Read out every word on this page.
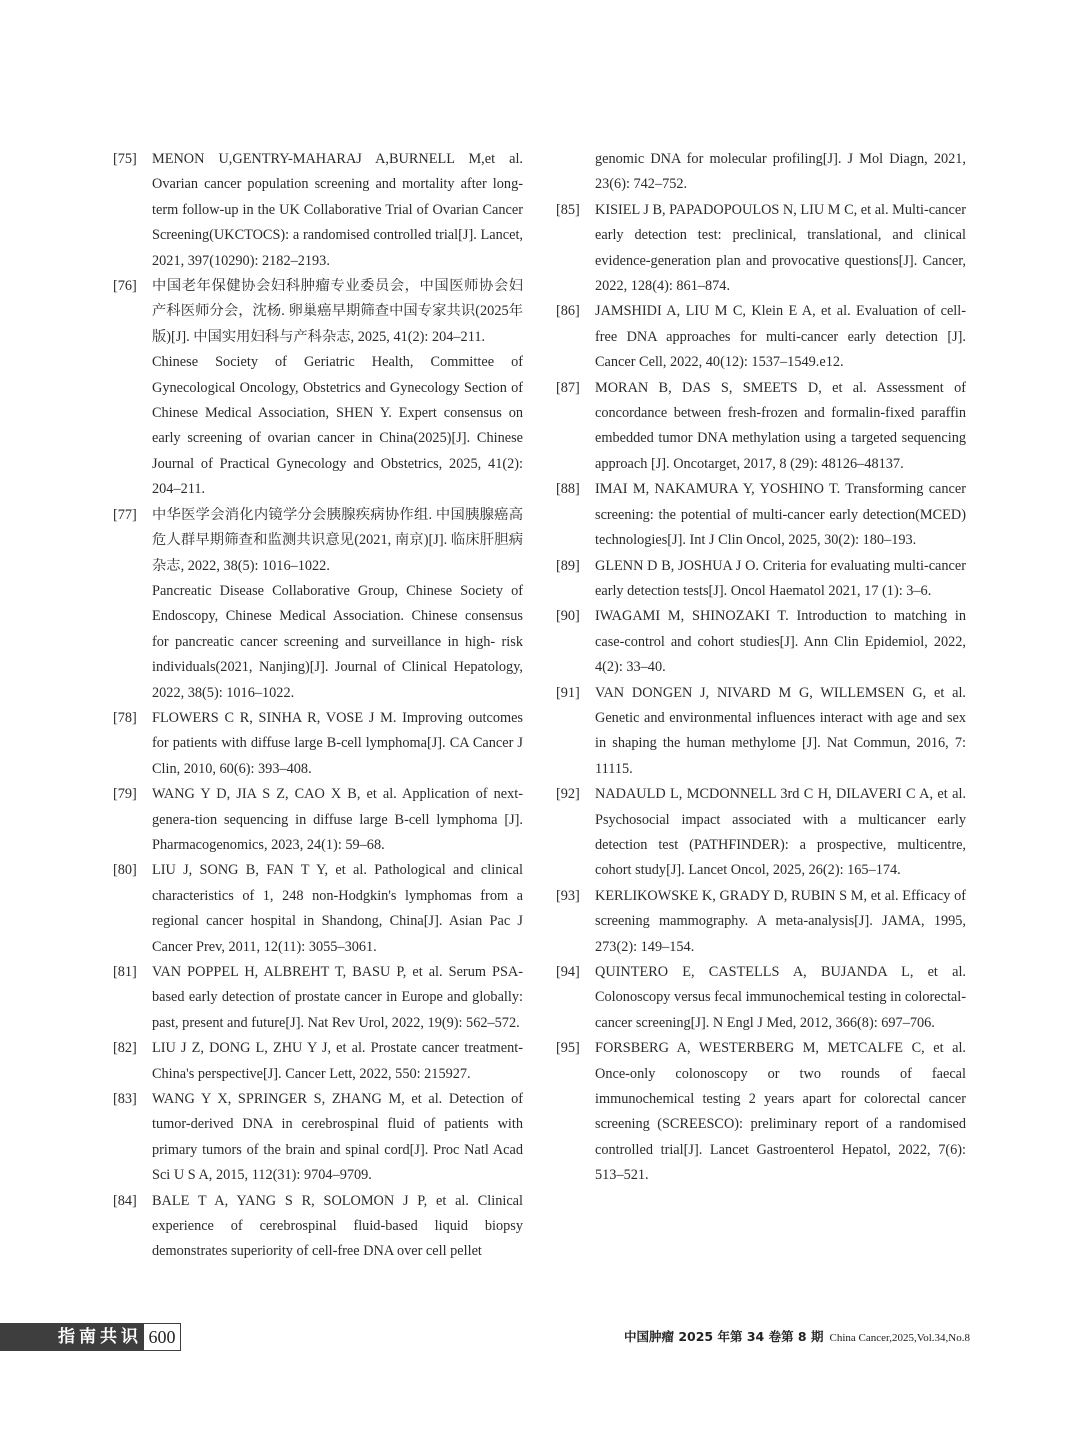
[75] MENON U,GENTRY-MAHARAJ A,BURNELL M,et al. Ovarian cancer population screening and mortality after long-term follow-up in the UK Collaborative Trial of Ovarian Cancer Screening(UKCTOCS): a randomised controlled trial[J]. Lancet, 2021, 397(10290): 2182–2193.
[76] 中国老年保健协会妇科肿瘤专业委员会，中国医师协会妇产科医师分会，沈杨. 卵巢癌早期筛查中国专家共识(2025年版)[J]. 中国实用妇科与产科杂志, 2025, 41(2): 204–211.
Chinese Society of Geriatric Health, Committee of Gynecological Oncology, Obstetrics and Gynecology Section of Chinese Medical Association, SHEN Y. Expert consensus on early screening of ovarian cancer in China(2025)[J]. Chinese Journal of Practical Gynecology and Obstetrics, 2025, 41(2): 204–211.
[77] 中华医学会消化内镜学分会胰腺疾病协作组. 中国胰腺癌高危人群早期筛查和监测共识意见(2021, 南京)[J]. 临床肝胆病杂志, 2022, 38(5): 1016–1022.
Pancreatic Disease Collaborative Group, Chinese Society of Endoscopy, Chinese Medical Association. Chinese consensus for pancreatic cancer screening and surveillance in high- risk individuals(2021, Nanjing)[J]. Journal of Clinical Hepatology, 2022, 38(5): 1016–1022.
[78] FLOWERS C R, SINHA R, VOSE J M. Improving outcomes for patients with diffuse large B-cell lymphoma[J]. CA Cancer J Clin, 2010, 60(6): 393–408.
[79] WANG Y D, JIA S Z, CAO X B, et al. Application of next-genera-tion sequencing in diffuse large B-cell lymphoma [J]. Pharmacogenomics, 2023, 24(1): 59–68.
[80] LIU J, SONG B, FAN T Y, et al. Pathological and clinical characteristics of 1, 248 non-Hodgkin's lymphomas from a regional cancer hospital in Shandong, China[J]. Asian Pac J Cancer Prev, 2011, 12(11): 3055–3061.
[81] VAN POPPEL H, ALBREHT T, BASU P, et al. Serum PSA-based early detection of prostate cancer in Europe and globally: past, present and future[J]. Nat Rev Urol, 2022, 19(9): 562–572.
[82] LIU J Z, DONG L, ZHU Y J, et al. Prostate cancer treatment-China's perspective[J]. Cancer Lett, 2022, 550: 215927.
[83] WANG Y X, SPRINGER S, ZHANG M, et al. Detection of tumor-derived DNA in cerebrospinal fluid of patients with primary tumors of the brain and spinal cord[J]. Proc Natl Acad Sci U S A, 2015, 112(31): 9704–9709.
[84] BALE T A, YANG S R, SOLOMON J P, et al. Clinical experience of cerebrospinal fluid-based liquid biopsy demonstrates superiority of cell-free DNA over cell pellet
genomic DNA for molecular profiling[J]. J Mol Diagn, 2021, 23(6): 742–752.
[85] KISIEL J B, PAPADOPOULOS N, LIU M C, et al. Multi-cancer early detection test: preclinical, translational, and clinical evidence-generation plan and provocative questions[J]. Cancer, 2022, 128(4): 861–874.
[86] JAMSHIDI A, LIU M C, Klein E A, et al. Evaluation of cell-free DNA approaches for multi-cancer early detection [J]. Cancer Cell, 2022, 40(12): 1537–1549.e12.
[87] MORAN B, DAS S, SMEETS D, et al. Assessment of concordance between fresh-frozen and formalin-fixed paraffin embedded tumor DNA methylation using a targeted sequencing approach [J]. Oncotarget, 2017, 8 (29): 48126–48137.
[88] IMAI M, NAKAMURA Y, YOSHINO T. Transforming cancer screening: the potential of multi-cancer early detection(MCED) technologies[J]. Int J Clin Oncol, 2025, 30(2): 180–193.
[89] GLENN D B, JOSHUA J O. Criteria for evaluating multi-cancer early detection tests[J]. Oncol Haematol 2021, 17 (1): 3–6.
[90] IWAGAMI M, SHINOZAKI T. Introduction to matching in case-control and cohort studies[J]. Ann Clin Epidemiol, 2022, 4(2): 33–40.
[91] VAN DONGEN J, NIVARD M G, WILLEMSEN G, et al. Genetic and environmental influences interact with age and sex in shaping the human methylome [J]. Nat Commun, 2016, 7: 11115.
[92] NADAULD L, MCDONNELL 3rd C H, DILAVERI C A, et al. Psychosocial impact associated with a multicancer early detection test (PATHFINDER): a prospective, multicentre, cohort study[J]. Lancet Oncol, 2025, 26(2): 165–174.
[93] KERLIKOWSKE K, GRADY D, RUBIN S M, et al. Efficacy of screening mammography. A meta-analysis[J]. JAMA, 1995, 273(2): 149–154.
[94] QUINTERO E, CASTELLS A, BUJANDA L, et al. Colonoscopy versus fecal immunochemical testing in colorectal-cancer screening[J]. N Engl J Med, 2012, 366(8): 697–706.
[95] FORSBERG A, WESTERBERG M, METCALFE C, et al. Once-only colonoscopy or two rounds of faecal immunochemical testing 2 years apart for colorectal cancer screening (SCREESCO): preliminary report of a randomised controlled trial[J]. Lancet Gastroenterol Hepatol, 2022, 7(6): 513–521.
指南共识 600	中国肿瘤 2025 年第 34 卷第 8 期 China Cancer,2025,Vol.34,No.8
